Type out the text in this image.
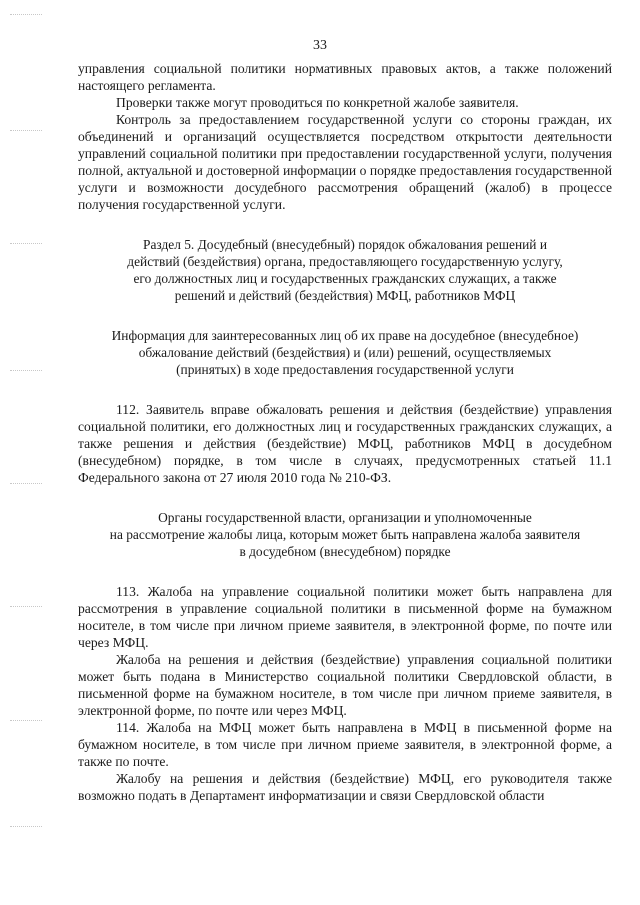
33

управления социальной политики нормативных правовых актов, а также положений настоящего регламента.

Проверки также могут проводиться по конкретной жалобе заявителя.

Контроль за предоставлением государственной услуги со стороны граждан, их объединений и организаций осуществляется посредством открытости деятельности управлений социальной политики при предоставлении государственной услуги, получения полной, актуальной и достоверной информации о порядке предоставления государственной услуги и возможности досудебного рассмотрения обращений (жалоб) в процессе получения государственной услуги.

Раздел 5. Досудебный (внесудебный) порядок обжалования решений и
действий (бездействия) органа, предоставляющего государственную услугу,
его должностных лиц и государственных гражданских служащих, а также
решений и действий (бездействия) МФЦ, работников МФЦ

Информация для заинтересованных лиц об их праве на досудебное (внесудебное)
обжалование действий (бездействия) и (или) решений, осуществляемых
(принятых) в ходе предоставления государственной услуги

112. Заявитель вправе обжаловать решения и действия (бездействие) управления социальной политики, его должностных лиц и государственных гражданских служащих, а также решения и действия (бездействие) МФЦ, работников МФЦ в досудебном (внесудебном) порядке, в том числе в случаях, предусмотренных статьей 11.1 Федерального закона от 27 июля 2010 года № 210-ФЗ.

Органы государственной власти, организации и уполномоченные
на рассмотрение жалобы лица, которым может быть направлена жалоба заявителя
в досудебном (внесудебном) порядке

113. Жалоба на управление социальной политики может быть направлена для рассмотрения в управление социальной политики в письменной форме на бумажном носителе, в том числе при личном приеме заявителя, в электронной форме, по почте или через МФЦ.

Жалоба на решения и действия (бездействие) управления социальной политики может быть подана в Министерство социальной политики Свердловской области, в письменной форме на бумажном носителе, в том числе при личном приеме заявителя, в электронной форме, по почте или через МФЦ.

114. Жалоба на МФЦ может быть направлена в МФЦ в письменной форме на бумажном носителе, в том числе при личном приеме заявителя, в электронной форме, а также по почте.

Жалобу на решения и действия (бездействие) МФЦ, его руководителя также возможно подать в Департамент информатизации и связи Свердловской области
